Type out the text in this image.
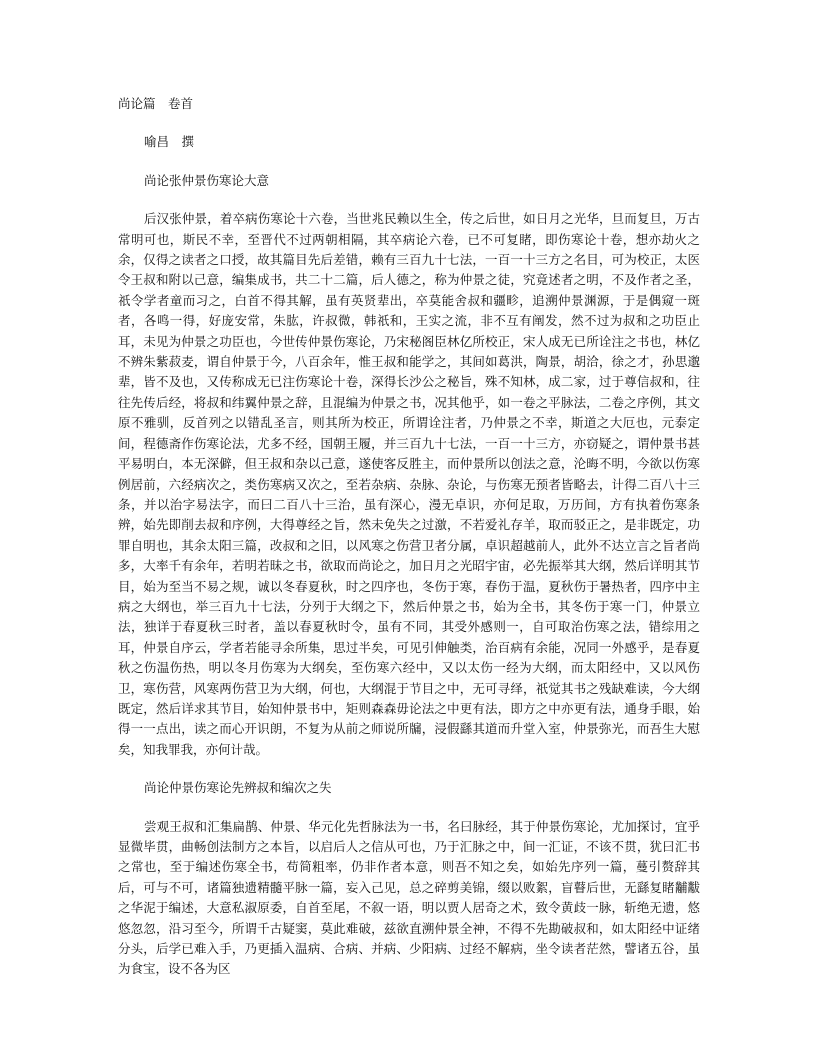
尚论篇　卷首

喻昌　撰

尚论张仲景伤寒论大意

后汉张仲景，着卒病伤寒论十六卷，当世兆民赖以生全，传之后世，如日月之光华，旦而复旦，万古常明可也，斯民不幸，至晋代不过两朝相隔，其卒病论六卷，已不可复睹，即伤寒论十卷，想亦劫火之余，仅得之读者之口授，故其篇目先后差错，赖有三百九十七法，一百一十三方之名目，可为校正，太医令王叔和附以己意，编集成书，共二十二篇，后人德之，称为仲景之徒，究竟述者之明，不及作者之圣，祇令学者童而习之，白首不得其解，虽有英贤辈出，卒莫能舍叔和疆畛，追溯仲景渊源，于是偶窥一斑者，各鸣一得，好庞安常，朱肱，许叔微，韩祇和，王实之流，非不互有阐发，然不过为叔和之功臣止耳，未见为仲景之功臣也，今世传仲景伤寒论，乃宋秘阁臣林亿所校正，宋人成无已所诠注之书也，林亿不辨朱紫菽麦，谓自仲景于今，八百余年，惟王叔和能学之，其间如葛洪，陶景，胡洽，徐之才，孙思邈辈，皆不及也，又传称成无已注伤寒论十卷，深得长沙公之秘旨，殊不知林，成二家，过于尊信叔和，往往先传后经，将叔和纬翼仲景之辞，且混编为仲景之书，况其他乎，如一卷之平脉法，二卷之序例，其文原不雅驯，反首列之以错乱圣言，则其所为校正，所谓诠注者，乃仲景之不幸，斯道之大厄也，元泰定间，程德斋作伤寒论法，尤多不经，国朝王履，并三百九十七法，一百一十三方，亦窃疑之，谓仲景书甚平易明白，本无深僻，但王叔和杂以己意，遂使客反胜主，而仲景所以创法之意，沦晦不明，今欲以伤寒例居前，六经病次之，类伤寒病又次之，至若杂病、杂脉、杂论，与伤寒无预者皆略去，计得二百八十三条，并以治字易法字，而曰二百八十三治，虽有深心，漫无卓识，亦何足取，万历间，方有执着伤寒条辨，始先即削去叔和序例，大得尊经之旨，然未免失之过激，不若爱礼存羊，取而驳正之，是非既定，功罪自明也，其余太阳三篇，改叔和之旧，以风寒之伤营卫者分属，卓识超越前人，此外不达立言之旨者尚多，大率千有余年，若明若昧之书，欲取而尚论之，加日月之光昭宇宙，必先振举其大纲，然后详明其节目，始为至当不易之规，诚以冬春夏秋，时之四序也，冬伤于寒，春伤于温，夏秋伤于暑热者，四序中主病之大纲也，举三百九十七法，分列于大纲之下，然后仲景之书，始为全书，其冬伤于寒一门，仲景立法，独详于春夏秋三时者，盖以春夏秋时令，虽有不同，其受外感则一，自可取治伤寒之法，错综用之耳，仲景自序云，学者若能寻余所集，思过半矣，可见引伸触类，治百病有余能，况同一外感乎，是春夏秋之伤温伤热，明以冬月伤寒为大纲矣，至伤寒六经中，又以太伤一经为大纲，而太阳经中，又以风伤卫，寒伤营，风寒两伤营卫为大纲，何也，大纲混于节目之中，无可寻绎，祇觉其书之残缺难读，今大纲既定，然后详求其节目，始知仲景书中，矩则森森毋论法之中更有法，即方之中亦更有法，通身手眼，始得一一点出，读之而心开识朗，不复为从前之师说所牖，浸假繇其道而升堂入室，仲景弥光，而吾生大慰矣，知我罪我，亦何计哉。

尚论仲景伤寒论先辨叔和编次之失

尝观王叔和汇集扁鹊、仲景、华元化先哲脉法为一书，名曰脉经，其于仲景伤寒论，尤加探讨，宜乎显微毕贯，曲畅创法制方之本旨，以启后人之信从可也，乃于汇脉之中，间一汇证，不该不贯，犹曰汇书之常也，至于编述伤寒全书，苟简粗率，仍非作者本意，则吾不知之矣，如始先序列一篇，蔓引赘辞其后，可与不可，诸篇独遗精髓平脉一篇，妄入己见，总之碎剪美锦，缀以败絮，盲瞽后世，无繇复睹黼黻之华泥于编述，大意私淑原委，自首至尾，不叙一语，明以贾人居奇之术，致令黄歧一脉，斩绝无遗，悠悠忽忽，沿习至今，所谓千古疑窦，莫此难破，兹欲直溯仲景全神，不得不先勘破叔和，如太阳经中证绪分头，后学已难入手，乃更插入温病、合病、并病、少阳病、过经不解病，坐令读者茫然，譬诸五谷，虽为食宝，设不各为区
